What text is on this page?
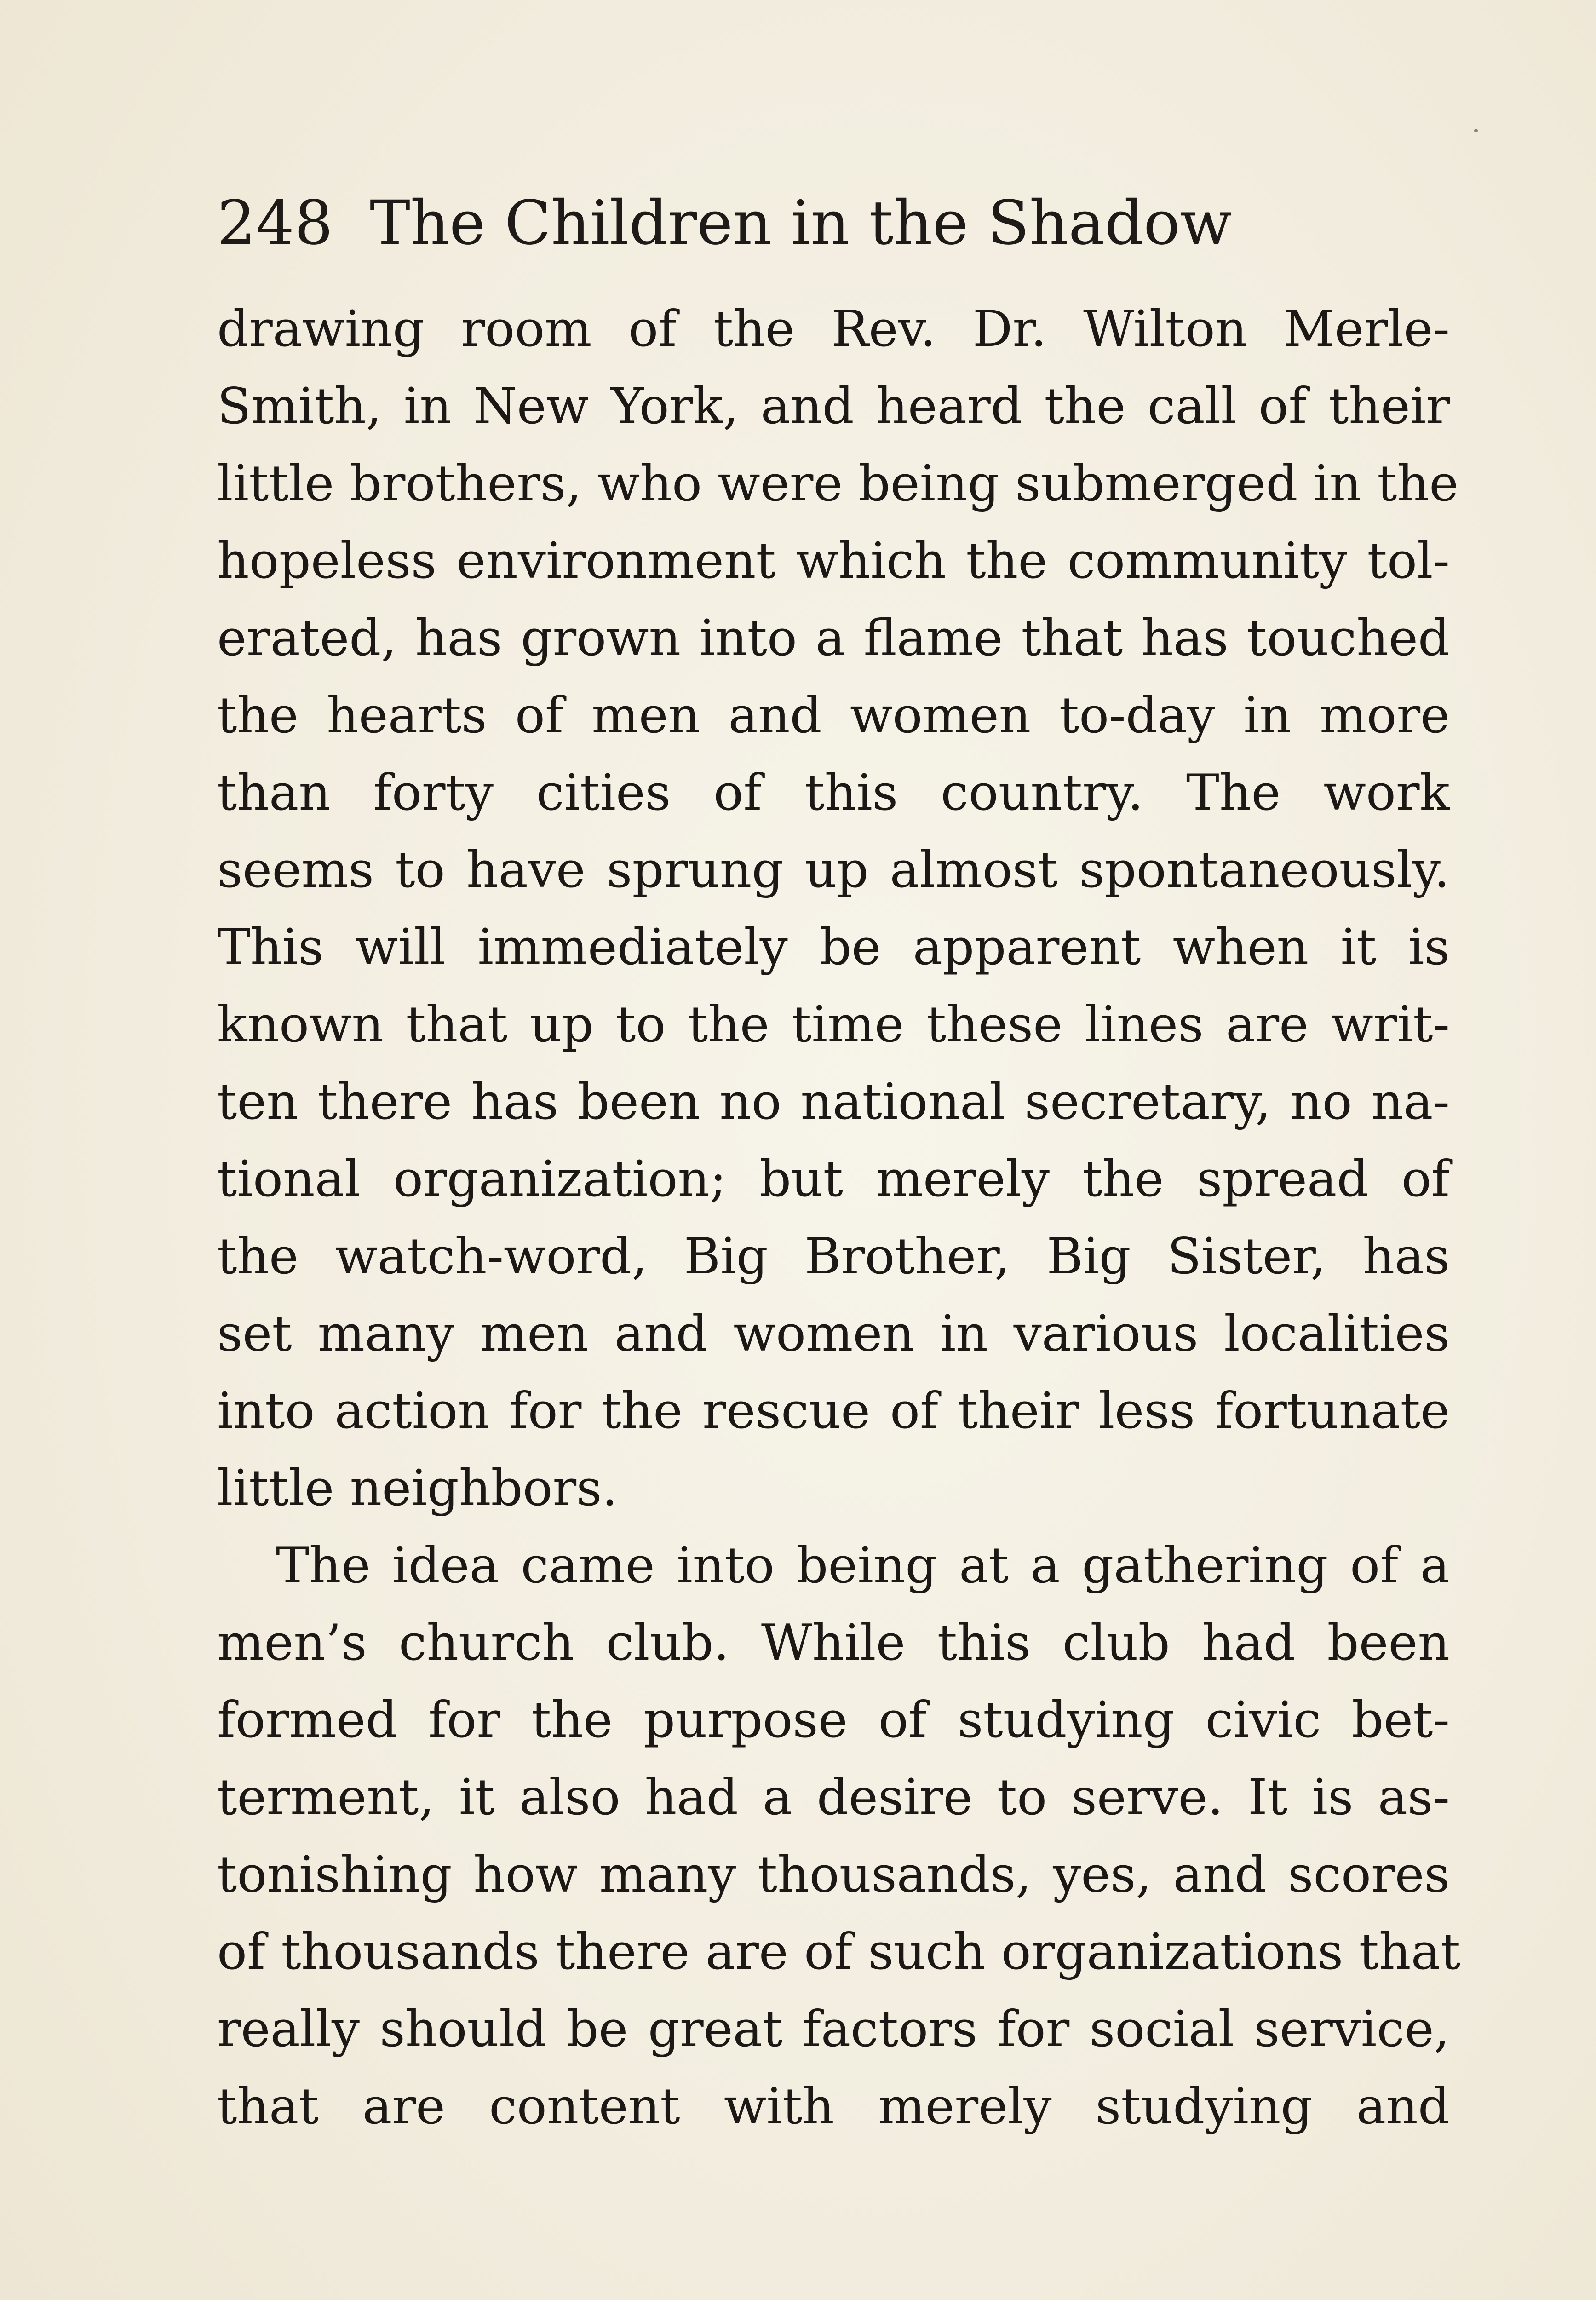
248 The Children in the Shadow
drawing room of the Rev. Dr. Wilton Merle-
Smith, in New York, and heard the call of their
little brothers, who were being submerged in the
hopeless environment which the community tol-
erated, has grown into a flame that has touched
the hearts of men and women to-day in more
than forty cities of this country. The work
seems to have sprung up almost spontaneously.
This will immediately be apparent when it is
known that up to the time these lines are writ-
ten there has been no national secretary, no na-
tional organization; but merely the spread of
the watch-word, Big Brother, Big Sister, has
set many men and women in various localities
into action for the rescue of their less fortunate
little neighbors.
The idea came into being at a gathering of a
men’s church club. While this club had been
formed for the purpose of studying civic bet-
terment, it also had a desire to serve. It is as-
tonishing how many thousands, yes, and scores
of thousands there are of such organizations that
really should be great factors for social service,
that are content with merely studying and
